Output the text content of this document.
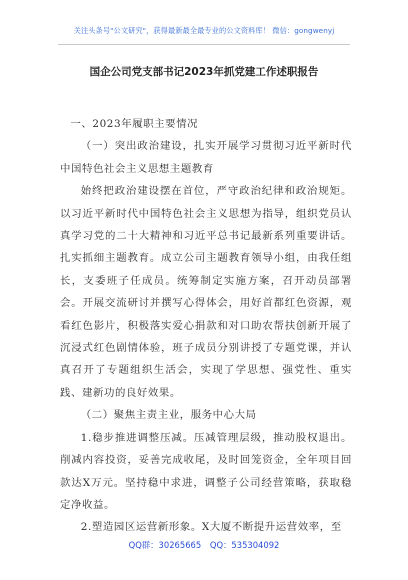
关注头条号"公文研究"，获得最新最全最专业的公文资料库！ 微信：gongwenyj
国企公司党支部书记2023年抓党建工作述职报告

一、2023年履职主要情况

（一）突出政治建设，扎实开展学习贯彻习近平新时代中国特色社会主义思想主题教育

始终把政治建设摆在首位，严守政治纪律和政治规矩。以习近平新时代中国特色社会主义思想为指导，组织党员认真学习党的二十大精神和习近平总书记最新系列重要讲话。扎实抓细主题教育。成立公司主题教育领导小组，由我任组长，支委班子任成员。统筹制定实施方案，召开动员部署会。开展交流研讨并撰写心得体会，用好首都红色资源，观看红色影片，积极落实爱心捐款和对口助农帮扶创新开展了沉浸式红色剧情体验，班子成员分别讲授了专题党课，并认真召开了专题组织生活会，实现了学思想、强党性、重实践、建新功的良好效果。

（二）聚焦主责主业，服务中心大局

1.稳步推进调整压减。压减管理层级，推动股权退出。削减内容投资，妥善完成收尾，及时回笼资金，全年项目回款达X万元。坚持稳中求进，调整子公司经营策略，获取稳定净收益。

2.塑造园区运营新形象。X大厦不断提升运营效率，至

QQ群：30265665 QQ：535304092
